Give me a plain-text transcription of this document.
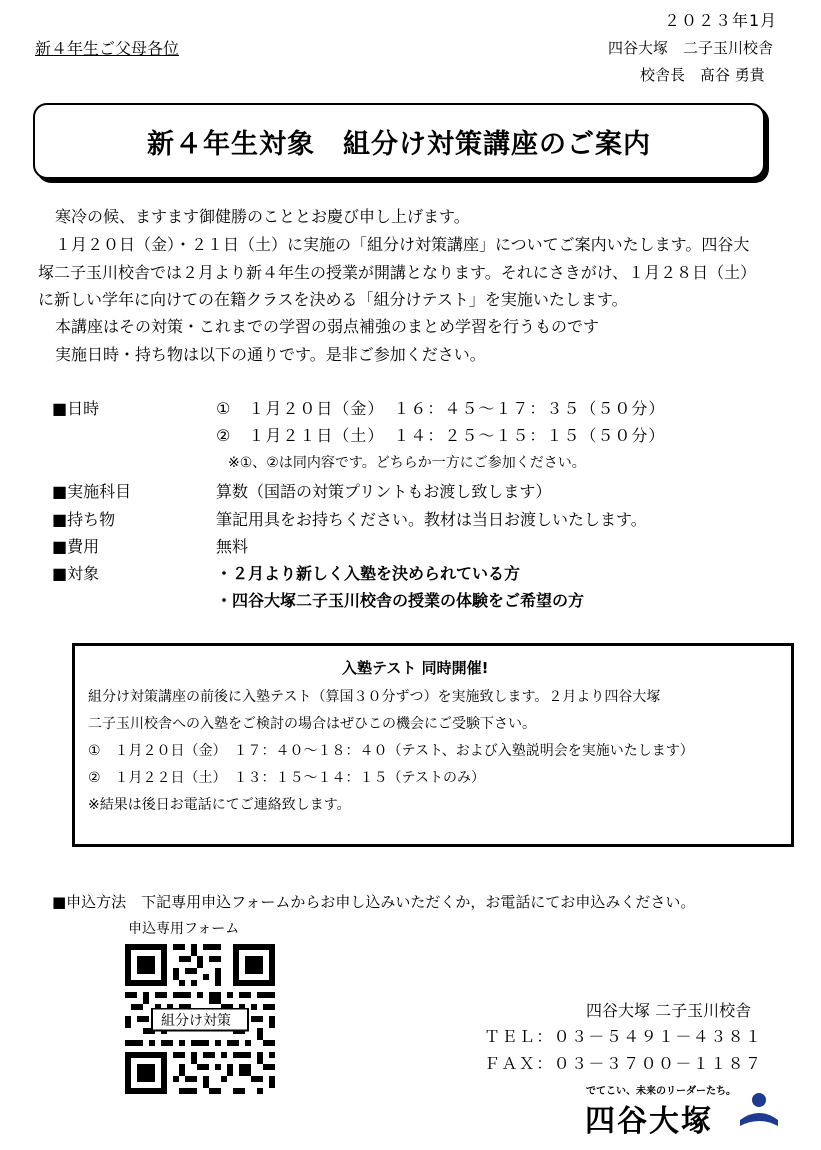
２０２３年1月
新４年生ご父母各位	四谷大塚　二子玉川校舎
校舎長　髙谷 勇貴
新４年生対象　組分け対策講座のご案内
寒冷の候、ますます御健勝のこととお慶び申し上げます。
１月２０日（金）・２１日（土）に実施の「組分け対策講座」についてご案内いたします。四谷大
塚二子玉川校舎では２月より新４年生の授業が開講となります。それにさきがけ、１月２８日（土）
に新しい学年に向けての在籍クラスを決める「組分けテスト」を実施いたします。
本講座はその対策・これまでの学習の弱点補強のまとめ学習を行うものです
実施日時・持ち物は以下の通りです。是非ご参加ください。
■日時	①　１月２０日（金）　１６：４５～１７：３５（５０分）
②　１月２１日（土）　１４：２５～１５：１５（５０分）
※①、②は同内容です。どちらか一方にご参加ください。
■実施科目	算数（国語の対策プリントもお渡し致します）
■持ち物	筆記用具をお持ちください。教材は当日お渡しいたします。
■費用	無料
■対象	・２月より新しく入塾を決められている方
・四谷大塚二子玉川校舎の授業の体験をご希望の方
入塾テスト 同時開催!
組分け対策講座の前後に入塾テスト（算国３０分ずつ）を実施致します。２月より四谷大塚
二子玉川校舎への入塾をご検討の場合はぜひこの機会にご受験下さい。
①　１月２０日（金）　１７：４０～１８：４０（テスト、および入塾説明会を実施いたします）
②　１月２２日（土）　１３：１５～１４：１５（テストのみ）
※結果は後日お電話にてご連絡致します。
■申込方法　下記専用申込フォームからお申し込みいただくか，お電話にてお申込みください。
申込専用フォーム
組分け対策
四谷大塚 二子玉川校舎
ＴＥＬ：０３－５４９１－４３８１
ＦＡＸ：０３－３７００－１１８７
でてこい、未来のリーダーたち。
四谷大塚
